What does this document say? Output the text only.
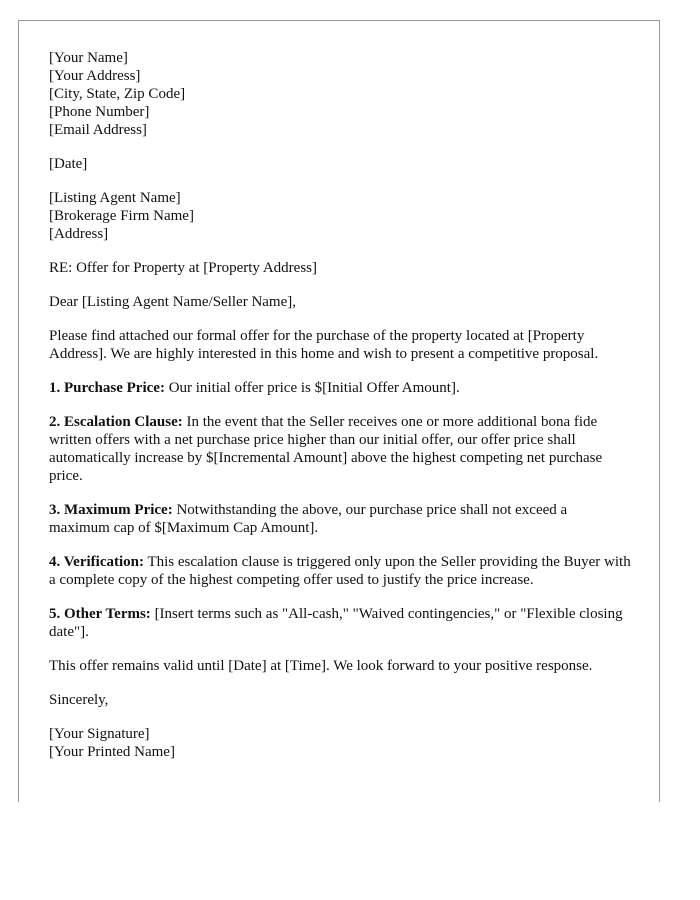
[Your Name]
[Your Address]
[City, State, Zip Code]
[Phone Number]
[Email Address]
[Date]
[Listing Agent Name]
[Brokerage Firm Name]
[Address]
RE: Offer for Property at [Property Address]
Dear [Listing Agent Name/Seller Name],

Please find attached our formal offer for the purchase of the property located at [Property Address]. We are highly interested in this home and wish to present a competitive proposal.

1. Purchase Price: Our initial offer price is $[Initial Offer Amount].

2. Escalation Clause: In the event that the Seller receives one or more additional bona fide written offers with a net purchase price higher than our initial offer, our offer price shall automatically increase by $[Incremental Amount] above the highest competing net purchase price.

3. Maximum Price: Notwithstanding the above, our purchase price shall not exceed a maximum cap of $[Maximum Cap Amount].

4. Verification: This escalation clause is triggered only upon the Seller providing the Buyer with a complete copy of the highest competing offer used to justify the price increase.

5. Other Terms: [Insert terms such as "All-cash," "Waived contingencies," or "Flexible closing date"].

This offer remains valid until [Date] at [Time]. We look forward to your positive response.

Sincerely,
[Your Signature]
[Your Printed Name]
